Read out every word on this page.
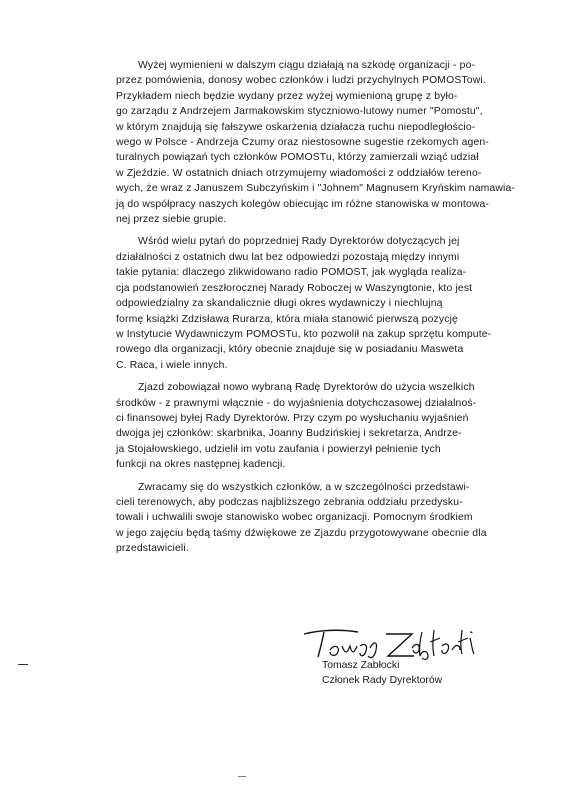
Wyżej wymienieni w dalszym ciągu działają na szkodę organizacji - po-
przez pomówienia, donosy wobec członków i ludzi przychylnych POMOSTowi.
Przykładem niech będzie wydany przez wyżej wymienioną grupę z było-
go zarządu z Andrzejem Jarmakowskim styczniowo-lutowy numer "Pomostu",
w którym znajdują się fałszywe oskarżenia działacza ruchu niepodległościo-
wego w Polsce - Andrzeja Czumy oraz niestosowne sugestie rzekomych agen-
turalnych powiązań tych członków POMOSTu, którzy zamierzali wziąć udział
w Zjeździe. W ostatnich dniach otrzymujemy wiadomości z oddziałów tereno-
wych, że wraz z Januszem Subczyńskim i "Johnem" Magnusem Kryńskim namawia-
ją do współpracy naszych kolegów obiecując im różne stanowiska w montowa-
nej przez siebie grupie.

Wśród wielu pytań do poprzedniej Rady Dyrektorów dotyczących jej
działalności z ostatnich dwu lat bez odpowiedzi pozostają między innymi
takie pytania: dlaczego zlikwidowano radio POMOST, jak wygląda realiza-
cja podstanowień zeszłorocznej Narady Roboczej w Waszyngtonie, kto jest
odpowiedzialny za skandalicznie długi okres wydawniczy i niechlujną
formę książki Zdzisława Rurarza, która miała stanowić pierwszą pozycję
w Instytucie Wydawniczym POMOSTu, kto pozwolił na zakup sprzętu komputе-
rowego dla organizacji, który obecnie znajduje się w posiadaniu Masweta
C. Raca, i wiele innych.

Zjazd zobowiązał nowo wybraną Radę Dyrektorów do użycia wszelkich
środków - z prawnymi włącznie - do wyjaśnienia dotychczasowej działalnoś-
ci finansowej byłej Rady Dyrektorów. Przy czym po wysłuchaniu wyjaśnień
dwojga jej członków: skarbnika, Joanny Budzińskiej i sekretarza, Andrze-
ja Stojałowskiego, udzielił im votu zaufania i powierzył pełnienie tych
funkcji na okres następnej kadencji.

Zwracamy się do wszystkich członków, a w szczególności przedstawi-
cieli terenowych, aby podczas najbliższego zebrania oddziału przedysku-
towali i uchwalili swoje stanowisko wobec organizacji. Pomocnym środkiem
w jego zajęciu będą taśmy dźwiękowe ze Zjazdu przygotowywane obecnie dla
przedstawicieli.

Tomasz Zabłocki
Członek Rady Dyrektorów
